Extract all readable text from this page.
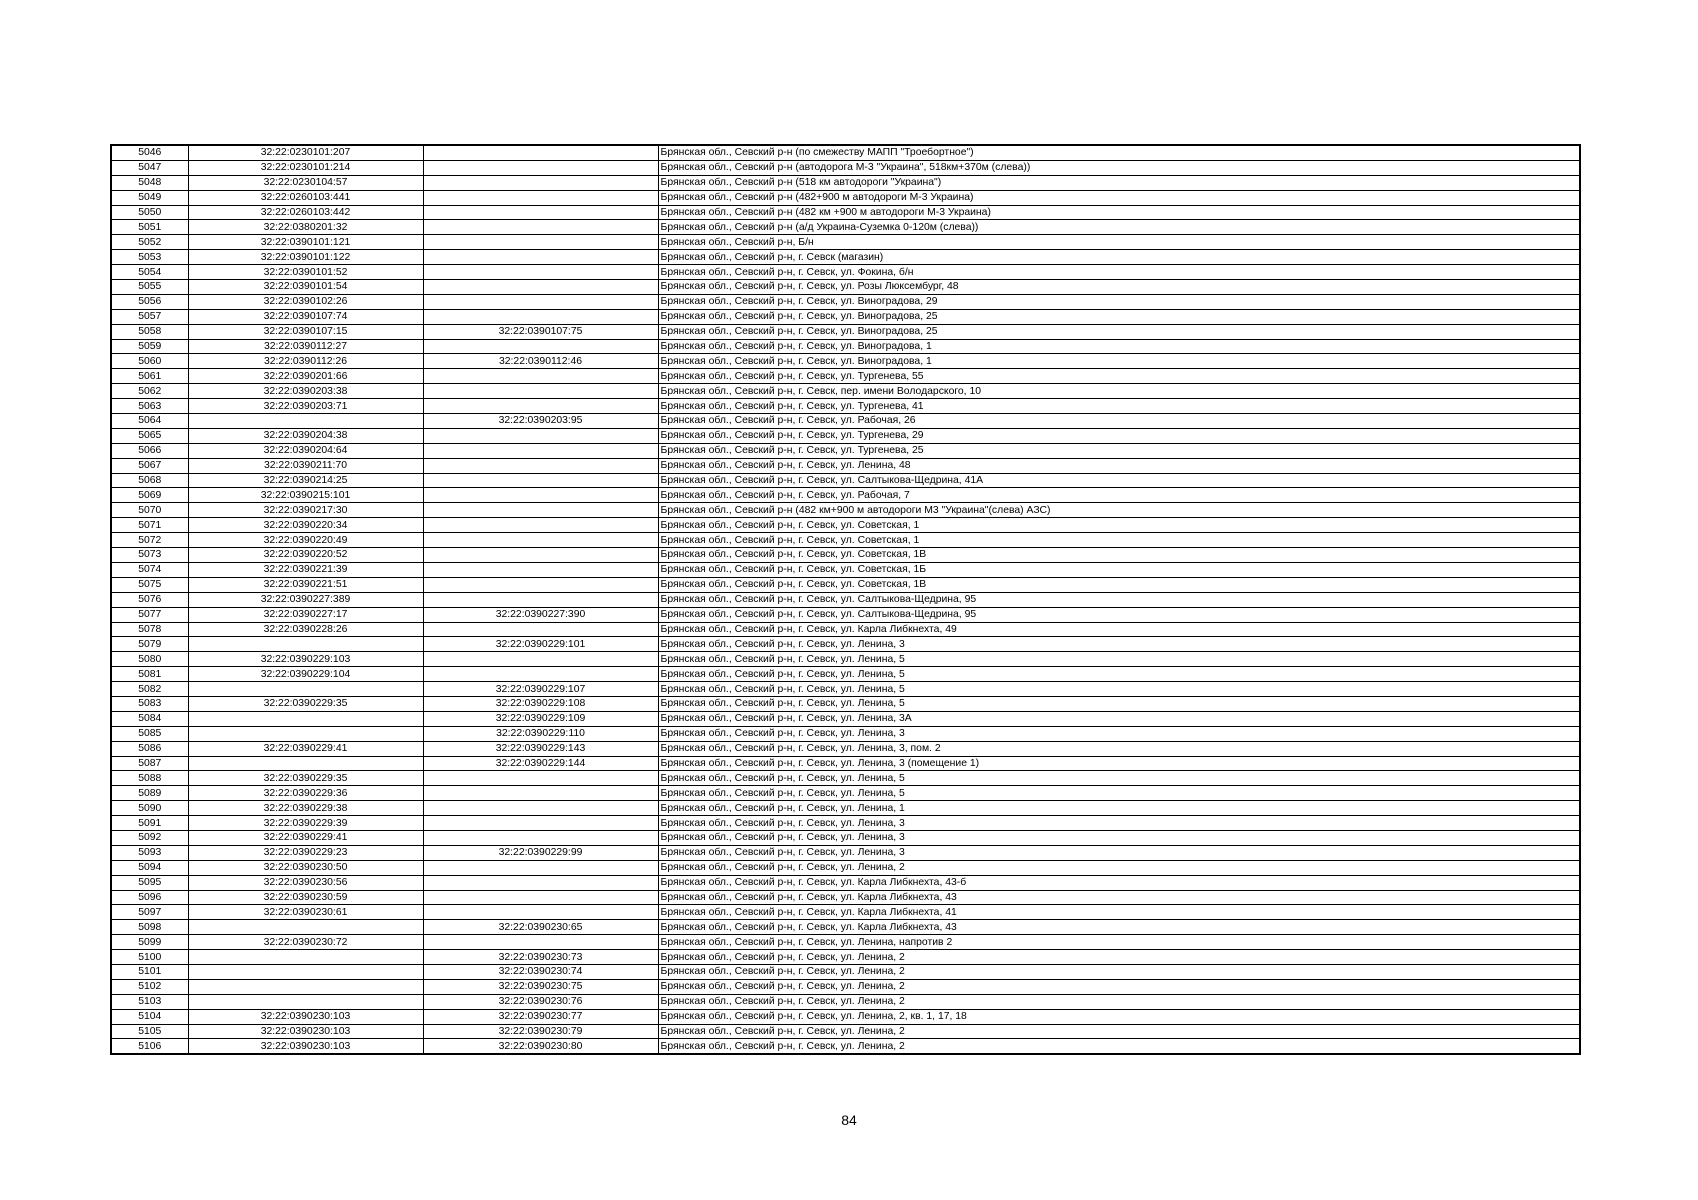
5046	32:22:0230101:207		Брянская обл., Севский р-н (по смежеству МАПП "Троебортное")
5047	32:22:0230101:214		Брянская обл., Севский р-н (автодорога М-3 "Украина", 518км+370м (слева))
5048	32:22:0230104:57		Брянская обл., Севский р-н (518 км автодороги "Украина")
5049	32:22:0260103:441		Брянская обл., Севский р-н (482+900 м автодороги М-3 Украина)
5050	32:22:0260103:442		Брянская обл., Севский р-н (482 км +900 м автодороги М-3 Украина)
5051	32:22:0380201:32		Брянская обл., Севский р-н (а/д Украина-Суземка 0-120м (слева))
5052	32:22:0390101:121		Брянская обл., Севский р-н, Б/н
5053	32:22:0390101:122		Брянская обл., Севский р-н, г. Севск (магазин)
5054	32:22:0390101:52		Брянская обл., Севский р-н, г. Севск, ул. Фокина, б/н
5055	32:22:0390101:54		Брянская обл., Севский р-н, г. Севск, ул. Розы Люксембург, 48
5056	32:22:0390102:26		Брянская обл., Севский р-н, г. Севск, ул. Виноградова, 29
5057	32:22:0390107:74		Брянская обл., Севский р-н, г. Севск, ул. Виноградова, 25
5058	32:22:0390107:15	32:22:0390107:75	Брянская обл., Севский р-н, г. Севск, ул. Виноградова, 25
5059	32:22:0390112:27		Брянская обл., Севский р-н, г. Севск, ул. Виноградова, 1
5060	32:22:0390112:26	32:22:0390112:46	Брянская обл., Севский р-н, г. Севск, ул. Виноградова, 1
5061	32:22:0390201:66		Брянская обл., Севский р-н, г. Севск, ул. Тургенева, 55
5062	32:22:0390203:38		Брянская обл., Севский р-н, г. Севск, пер. имени Володарского, 10
5063	32:22:0390203:71		Брянская обл., Севский р-н, г. Севск, ул. Тургенева, 41
5064		32:22:0390203:95	Брянская обл., Севский р-н, г. Севск, ул. Рабочая, 26
5065	32:22:0390204:38		Брянская обл., Севский р-н, г. Севск, ул. Тургенева, 29
5066	32:22:0390204:64		Брянская обл., Севский р-н, г. Севск, ул. Тургенева, 25
5067	32:22:0390211:70		Брянская обл., Севский р-н, г. Севск, ул. Ленина, 48
5068	32:22:0390214:25		Брянская обл., Севский р-н, г. Севск, ул. Салтыкова-Щедрина, 41А
5069	32:22:0390215:101		Брянская обл., Севский р-н, г. Севск, ул. Рабочая, 7
5070	32:22:0390217:30		Брянская обл., Севский р-н (482 км+900 м автодороги М3 "Украина"(слева) АЗС)
5071	32:22:0390220:34		Брянская обл., Севский р-н, г. Севск, ул. Советская, 1
5072	32:22:0390220:49		Брянская обл., Севский р-н, г. Севск, ул. Советская, 1
5073	32:22:0390220:52		Брянская обл., Севский р-н, г. Севск, ул. Советская, 1В
5074	32:22:0390221:39		Брянская обл., Севский р-н, г. Севск, ул. Советская, 1Б
5075	32:22:0390221:51		Брянская обл., Севский р-н, г. Севск, ул. Советская, 1В
5076	32:22:0390227:389		Брянская обл., Севский р-н, г. Севск, ул. Салтыкова-Щедрина, 95
5077	32:22:0390227:17	32:22:0390227:390	Брянская обл., Севский р-н, г. Севск, ул. Салтыкова-Щедрина, 95
5078	32:22:0390228:26		Брянская обл., Севский р-н, г. Севск, ул. Карла Либкнехта, 49
5079		32:22:0390229:101	Брянская обл., Севский р-н, г. Севск, ул. Ленина, 3
5080	32:22:0390229:103		Брянская обл., Севский р-н, г. Севск, ул. Ленина, 5
5081	32:22:0390229:104		Брянская обл., Севский р-н, г. Севск, ул. Ленина, 5
5082		32:22:0390229:107	Брянская обл., Севский р-н, г. Севск, ул. Ленина, 5
5083	32:22:0390229:35	32:22:0390229:108	Брянская обл., Севский р-н, г. Севск, ул. Ленина, 5
5084		32:22:0390229:109	Брянская обл., Севский р-н, г. Севск, ул. Ленина, 3А
5085		32:22:0390229:110	Брянская обл., Севский р-н, г. Севск, ул. Ленина, 3
5086	32:22:0390229:41	32:22:0390229:143	Брянская обл., Севский р-н, г. Севск, ул. Ленина, 3, пом. 2
5087		32:22:0390229:144	Брянская обл., Севский р-н, г. Севск, ул. Ленина, 3 (помещение 1)
5088	32:22:0390229:35		Брянская обл., Севский р-н, г. Севск, ул. Ленина, 5
5089	32:22:0390229:36		Брянская обл., Севский р-н, г. Севск, ул. Ленина, 5
5090	32:22:0390229:38		Брянская обл., Севский р-н, г. Севск, ул. Ленина, 1
5091	32:22:0390229:39		Брянская обл., Севский р-н, г. Севск, ул. Ленина, 3
5092	32:22:0390229:41		Брянская обл., Севский р-н, г. Севск, ул. Ленина, 3
5093	32:22:0390229:23	32:22:0390229:99	Брянская обл., Севский р-н, г. Севск, ул. Ленина, 3
5094	32:22:0390230:50		Брянская обл., Севский р-н, г. Севск, ул. Ленина, 2
5095	32:22:0390230:56		Брянская обл., Севский р-н, г. Севск, ул. Карла Либкнехта, 43-б
5096	32:22:0390230:59		Брянская обл., Севский р-н, г. Севск, ул. Карла Либкнехта, 43
5097	32:22:0390230:61		Брянская обл., Севский р-н, г. Севск, ул. Карла Либкнехта, 41
5098		32:22:0390230:65	Брянская обл., Севский р-н, г. Севск, ул. Карла Либкнехта, 43
5099	32:22:0390230:72		Брянская обл., Севский р-н, г. Севск, ул. Ленина, напротив 2
5100		32:22:0390230:73	Брянская обл., Севский р-н, г. Севск, ул. Ленина, 2
5101		32:22:0390230:74	Брянская обл., Севский р-н, г. Севск, ул. Ленина, 2
5102		32:22:0390230:75	Брянская обл., Севский р-н, г. Севск, ул. Ленина, 2
5103		32:22:0390230:76	Брянская обл., Севский р-н, г. Севск, ул. Ленина, 2
5104	32:22:0390230:103	32:22:0390230:77	Брянская обл., Севский р-н, г. Севск, ул. Ленина, 2, кв. 1, 17, 18
5105	32:22:0390230:103	32:22:0390230:79	Брянская обл., Севский р-н, г. Севск, ул. Ленина, 2
5106	32:22:0390230:103	32:22:0390230:80	Брянская обл., Севский р-н, г. Севск, ул. Ленина, 2
84
